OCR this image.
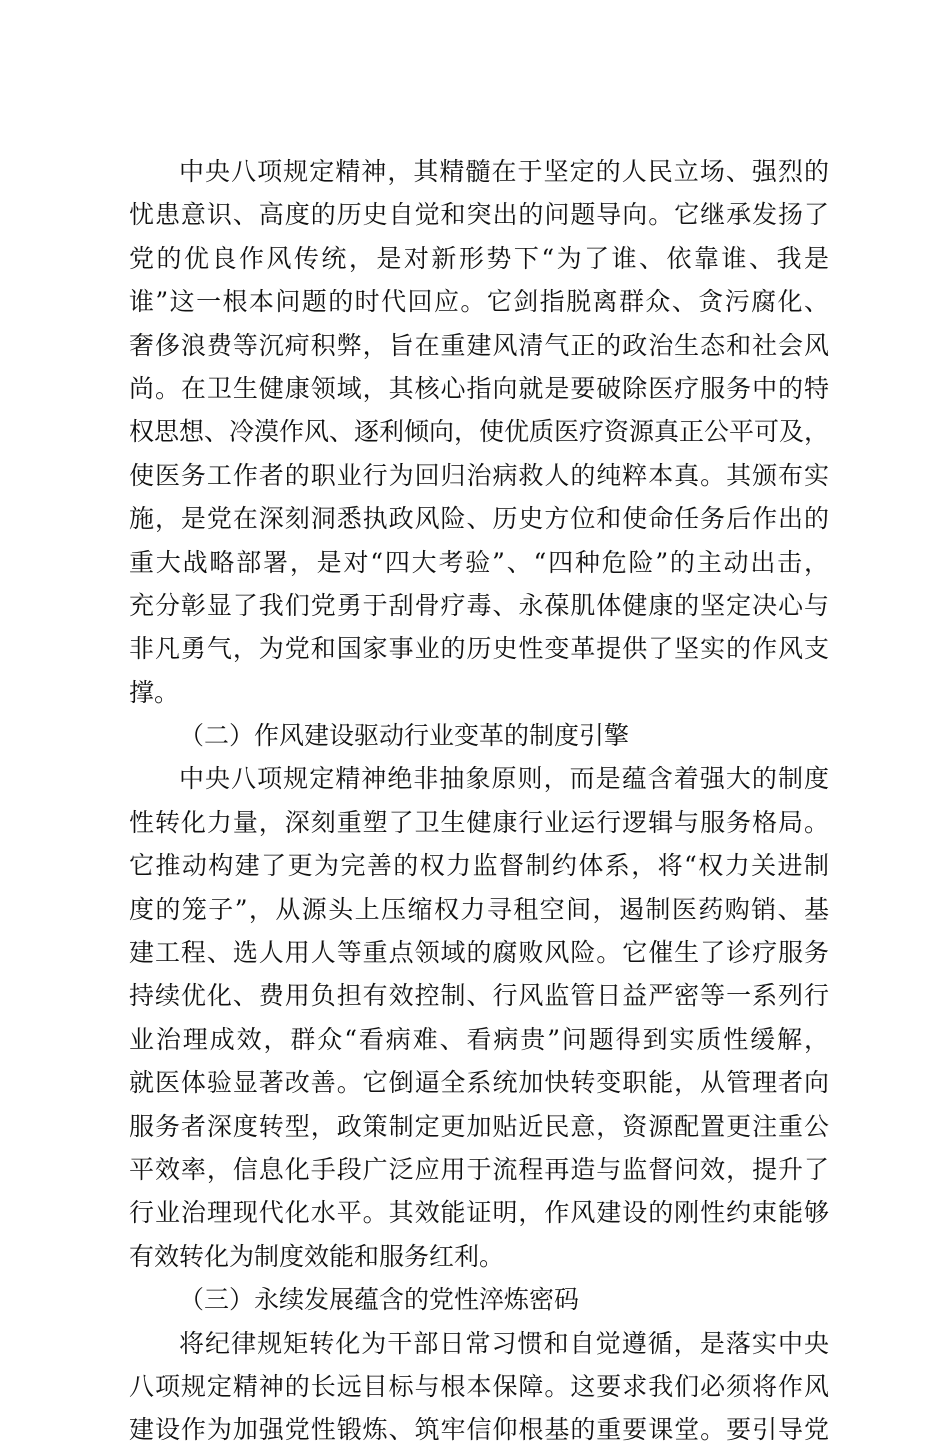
中央八项规定精神，其精髓在于坚定的人民立场、强烈的
忧患意识、高度的历史自觉和突出的问题导向。它继承发扬了
党的优良作风传统，是对新形势下“为了谁、依靠谁、我是
谁”这一根本问题的时代回应。它剑指脱离群众、贪污腐化、
奢侈浪费等沉疴积弊，旨在重建风清气正的政治生态和社会风
尚。在卫生健康领域，其核心指向就是要破除医疗服务中的特
权思想、冷漠作风、逐利倾向，使优质医疗资源真正公平可及，
使医务工作者的职业行为回归治病救人的纯粹本真。其颁布实
施，是党在深刻洞悉执政风险、历史方位和使命任务后作出的
重大战略部署，是对“四大考验”、“四种危险”的主动出击，
充分彰显了我们党勇于刮骨疗毒、永葆肌体健康的坚定决心与
非凡勇气，为党和国家事业的历史性变革提供了坚实的作风支
撑。
（二）作风建设驱动行业变革的制度引擎
中央八项规定精神绝非抽象原则，而是蕴含着强大的制度
性转化力量，深刻重塑了卫生健康行业运行逻辑与服务格局。
它推动构建了更为完善的权力监督制约体系，将“权力关进制
度的笼子”，从源头上压缩权力寻租空间，遏制医药购销、基
建工程、选人用人等重点领域的腐败风险。它催生了诊疗服务
持续优化、费用负担有效控制、行风监管日益严密等一系列行
业治理成效，群众“看病难、看病贵”问题得到实质性缓解，
就医体验显著改善。它倒逼全系统加快转变职能，从管理者向
服务者深度转型，政策制定更加贴近民意，资源配置更注重公
平效率，信息化手段广泛应用于流程再造与监督问效，提升了
行业治理现代化水平。其效能证明，作风建设的刚性约束能够
有效转化为制度效能和服务红利。
（三）永续发展蕴含的党性淬炼密码
将纪律规矩转化为干部日常习惯和自觉遵循，是落实中央
八项规定精神的长远目标与根本保障。这要求我们必须将作风
建设作为加强党性锻炼、筑牢信仰根基的重要课堂。要引导党
